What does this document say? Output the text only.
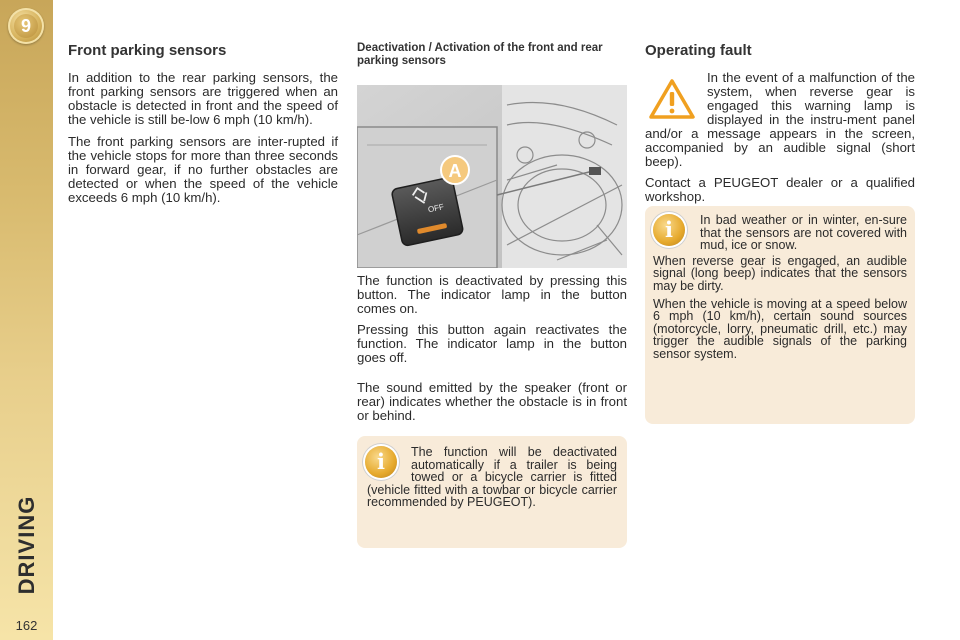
9
DRIVING
162
Front parking sensors

In addition to the rear parking sensors, the front parking sensors are triggered when an obstacle is detected in front and the speed of the vehicle is still be-low 6 mph (10 km/h).

The front parking sensors are inter-rupted if the vehicle stops for more than three seconds in forward gear, if no further obstacles are detected or when the speed of the vehicle exceeds 6 mph (10 km/h).

Deactivation / Activation of the front and rear parking sensors
OFF
A

The function is deactivated by pressing this button. The indicator lamp in the button comes on.

Pressing this button again reactivates the function. The indicator lamp in the button goes off.

The sound emitted by the speaker (front or rear) indicates whether the obstacle is in front or behind.

i	The function will be deactivated automatically if a trailer is being towed or a bicycle carrier is fitted (vehicle fitted with a towbar or bicycle carrier recommended by PEUGEOT).

Operating fault

In the event of a malfunction of the system, when reverse gear is engaged this warning lamp is displayed in the instru-ment panel and/or a message appears in the screen, accompanied by an audible signal (short beep).

Contact a PEUGEOT dealer or a qualified workshop.

i	In bad weather or in winter, en-sure that the sensors are not covered with mud, ice or snow.

When reverse gear is engaged, an audible signal (long beep) indicates that the sensors may be dirty.

When the vehicle is moving at a speed below 6 mph (10 km/h), certain sound sources (motorcycle, lorry, pneumatic drill, etc.) may trigger the audible signals of the parking sensor system.
